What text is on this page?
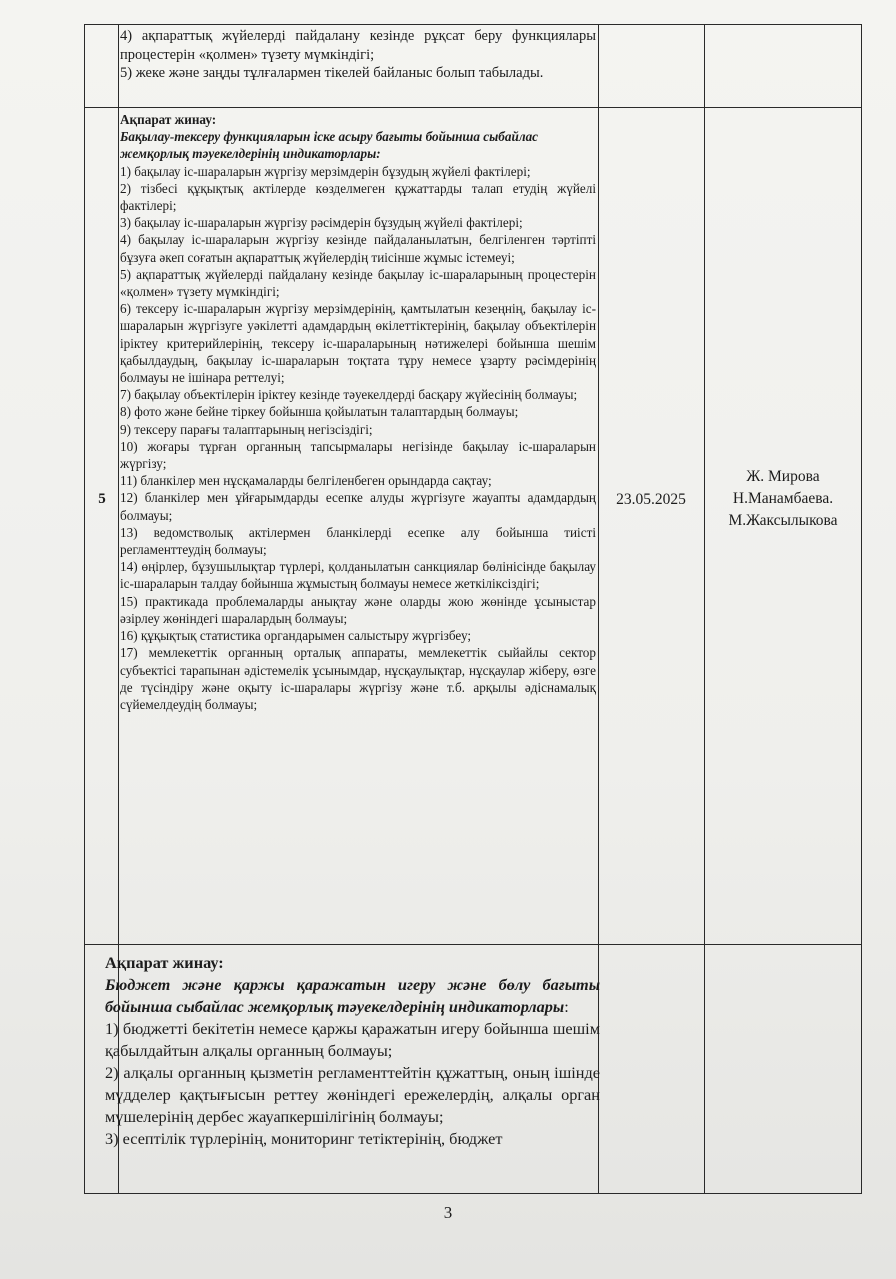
4) ақпараттық жүйелерді пайдалану кезінде рұқсат беру функциялары процестерін «қолмен» түзету мүмкіндігі;

5) жеке және заңды тұлғалармен тікелей байланыс болып табылады.

5

Ақпарат жинау:

Бақылау-тексеру функцияларын іске асыру бағыты бойынша сыбайлас жемқорлық тәуекелдерінің индикаторлары:

1) бақылау іс-шараларын жүргізу мерзімдерін бұзудың жүйелі фактілері;

2) тізбесі құқықтық актілерде көзделмеген құжаттарды талап етудің жүйелі фактілері;

3) бақылау іс-шараларын жүргізу рәсімдерін бұзудың жүйелі фактілері;

4) бақылау іс-шараларын жүргізу кезінде пайдаланылатын, белгіленген тәртіпті бұзуға әкеп соғатын ақпараттық жүйелердің тиісінше жұмыс істемеуі;

5) ақпараттық жүйелерді пайдалану кезінде бақылау іс-шараларының процестерін «қолмен» түзету мүмкіндігі;

6) тексеру іс-шараларын жүргізу мерзімдерінің, қамтылатын кезеңнің, бақылау іс-шараларын жүргізуге уәкілетті адамдардың өкілеттіктерінің, бақылау объектілерін іріктеу критерийлерінің, тексеру іс-шараларының нәтижелері бойынша шешім қабылдаудың, бақылау іс-шараларын тоқтата тұру немесе ұзарту рәсімдерінің болмауы не ішінара реттелуі;

7) бақылау объектілерін іріктеу кезінде тәуекелдерді басқару жүйесінің болмауы;

8) фото және бейне тіркеу бойынша қойылатын талаптардың болмауы;

9) тексеру парағы талаптарының негізсіздігі;

10) жоғары тұрған органның тапсырмалары негізінде бақылау іс-шараларын жүргізу;

11) бланкілер мен нұсқамаларды белгіленбеген орындарда сақтау;

12) бланкілер мен ұйғарымдарды есепке алуды жүргізуге жауапты адамдардың болмауы;

13) ведомстволық актілермен бланкілерді есепке алу бойынша тиісті регламенттеудің болмауы;

14) өңірлер, бұзушылықтар түрлері, қолданылатын санкциялар бөлінісінде бақылау іс-шараларын талдау бойынша жұмыстың болмауы немесе жеткіліксіздігі;

15) практикада проблемаларды анықтау және оларды жою жөнінде ұсыныстар әзірлеу жөніндегі шаралардың болмауы;

16) құқықтық статистика органдарымен салыстыру жүргізбеу;

17) мемлекеттік органның орталық аппараты, мемлекеттік сыйайлы сектор субъектісі тарапынан әдістемелік ұсынымдар, нұсқаулықтар, нұсқаулар жіберу, өзге де түсіндіру және оқыту іс-шаралары жүргізу және т.б. арқылы әдіснамалық сүйемелдеудің болмауы;

23.05.2025
Ж. Мирова
Н.Манамбаева.
М.Жаксылыкова

Ақпарат жинау:

Бюджет және қаржы қаражатын игеру және бөлу бағыты бойынша сыбайлас жемқорлық тәуекелдерінің индикаторлары:

1) бюджетті бекітетін немесе қаржы қаражатын игеру бойынша шешім қабылдайтын алқалы органның болмауы;

2) алқалы органның қызметін регламенттейтін құжаттың, оның ішінде мүдделер қақтығысын реттеу жөніндегі ережелердің, алқалы орган мүшелерінің дербес жауапкершілігінің болмауы;

3) есептілік түрлерінің, мониторинг тетіктерінің, бюджет

3
